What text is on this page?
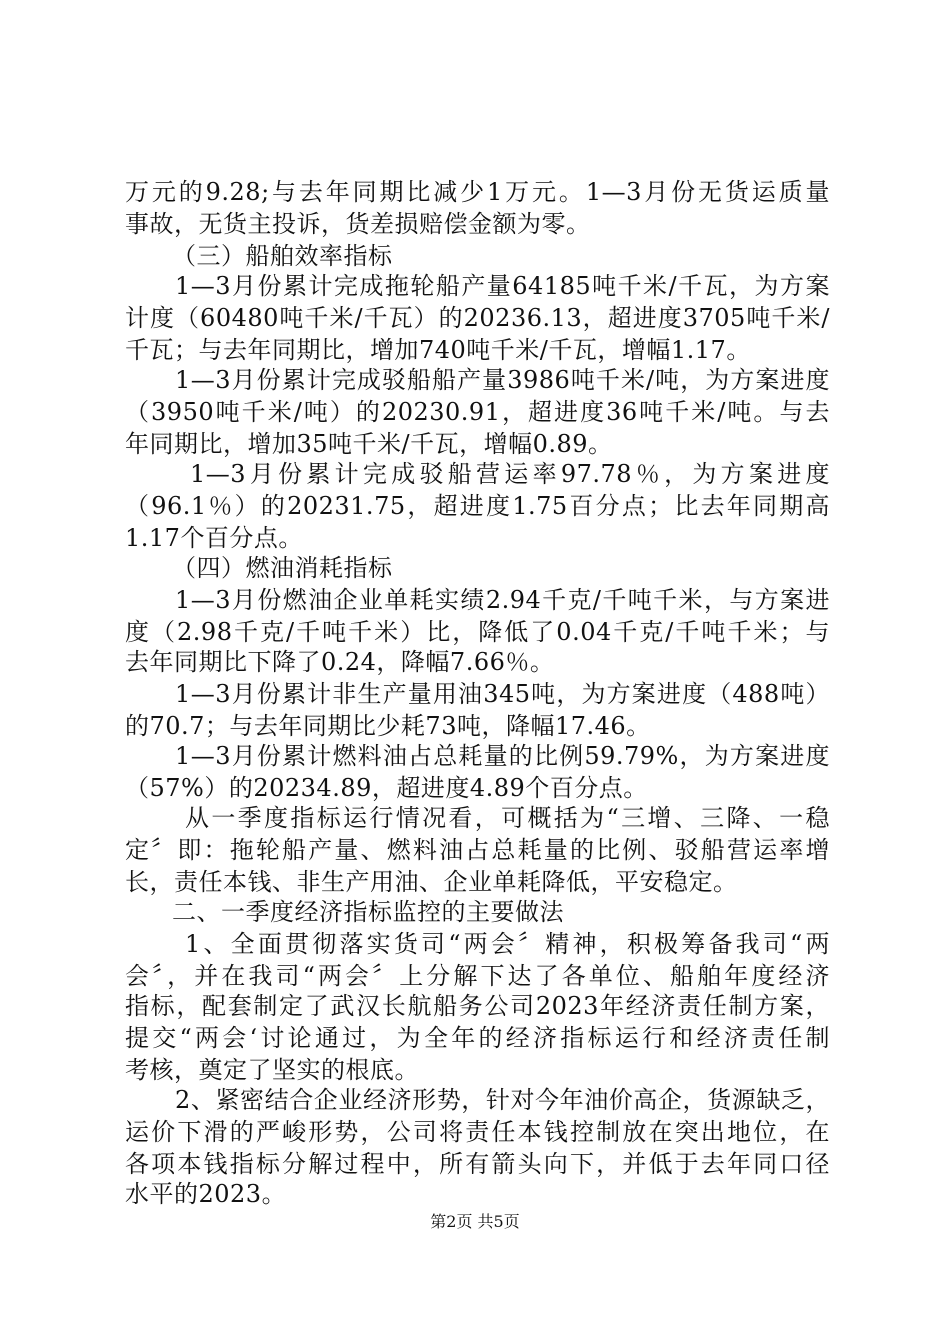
万元的9.28;与去年同期比减少1万元。1—3月份无货运质量
事故，无货主投诉，货差损赔偿金额为零。
（三）船舶效率指标
1—3月份累计完成拖轮船产量64185吨千米/千瓦，为方案
计度（60480吨千米/千瓦）的20236.13，超进度3705吨千米/
千瓦；与去年同期比，增加740吨千米/千瓦，增幅1.17。
1—3月份累计完成驳船船产量3986吨千米/吨，为方案进度
（3950吨千米/吨）的20230.91，超进度36吨千米/吨。与去
年同期比，增加35吨千米/千瓦，增幅0.89。
1—3月份累计完成驳船营运率97.78％，为方案进度
（96.1％）的20231.75，超进度1.75百分点；比去年同期高
1.17个百分点。
（四）燃油消耗指标
1—3月份燃油企业单耗实绩2.94千克/千吨千米，与方案进
度（2.98千克/千吨千米）比，降低了0.04千克/千吨千米；与
去年同期比下降了0.24，降幅7.66％。
1—3月份累计非生产量用油345吨，为方案进度（488吨）
的70.7；与去年同期比少耗73吨，降幅17.46。
1—3月份累计燃料油占总耗量的比例59.79%，为方案进度
（57%）的20234.89，超进度4.89个百分点。
从一季度指标运行情况看，可概括为“三增、三降、一稳
定〞即：拖轮船产量、燃料油占总耗量的比例、驳船营运率增
长，责任本钱、非生产用油、企业单耗降低，平安稳定。
二、一季度经济指标监控的主要做法
1、全面贯彻落实货司“两会〞精神，积极筹备我司“两
会〞，并在我司“两会〞上分解下达了各单位、船舶年度经济
指标，配套制定了武汉长航船务公司2023年经济责任制方案，
提交“两会‘讨论通过，为全年的经济指标运行和经济责任制
考核，奠定了坚实的根底。
2、紧密结合企业经济形势，针对今年油价高企，货源缺乏，
运价下滑的严峻形势，公司将责任本钱控制放在突出地位，在
各项本钱指标分解过程中，所有箭头向下，并低于去年同口径
水平的2023。
第2页 共5页
